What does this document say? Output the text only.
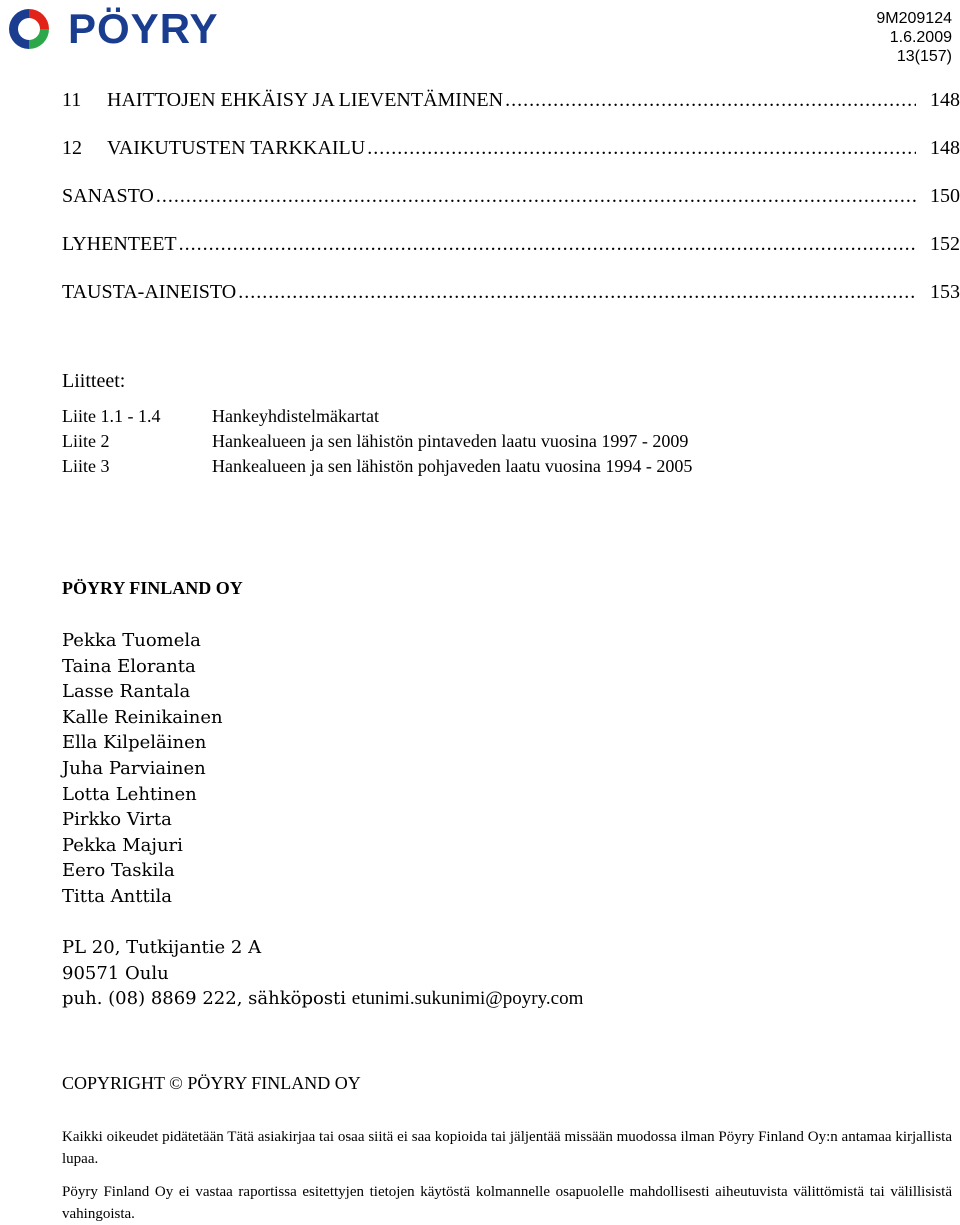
PÖYRY	9M209124
1.6.2009
13(157)
11	HAITTOJEN EHKÄISY JA LIEVENTÄMINEN .....	148
12	VAIKUTUSTEN TARKKAILU .....	148
SANASTO .....	150
LYHENTEET .....	152
TAUSTA-AINEISTO .....	153
Liitteet:
Liite 1.1 - 1.4	Hankeyhdistelmäkartat
Liite 2	Hankealueen ja sen lähistön pintaveden laatu vuosina 1997 - 2009
Liite 3	Hankealueen ja sen lähistön pohjaveden laatu vuosina 1994 - 2005
PÖYRY FINLAND OY
Pekka Tuomela
Taina Eloranta
Lasse Rantala
Kalle Reinikainen
Ella Kilpeläinen
Juha Parviainen
Lotta Lehtinen
Pirkko Virta
Pekka Majuri
Eero Taskila
Titta Anttila
PL 20, Tutkijantie 2 A
90571 Oulu
puh. (08) 8869 222, sähköposti etunimi.sukunimi@poyry.com
COPYRIGHT © PÖYRY FINLAND OY
Kaikki oikeudet pidätetään Tätä asiakirjaa tai osaa siitä ei saa kopioida tai jäljentää missään muodossa ilman Pöyry Finland Oy:n antamaa kirjallista lupaa.
Pöyry Finland Oy ei vastaa raportissa esitettyjen tietojen käytöstä kolmannelle osapuolelle mahdollisesti aiheutuvista välittömistä tai välillisistä vahingoista.
